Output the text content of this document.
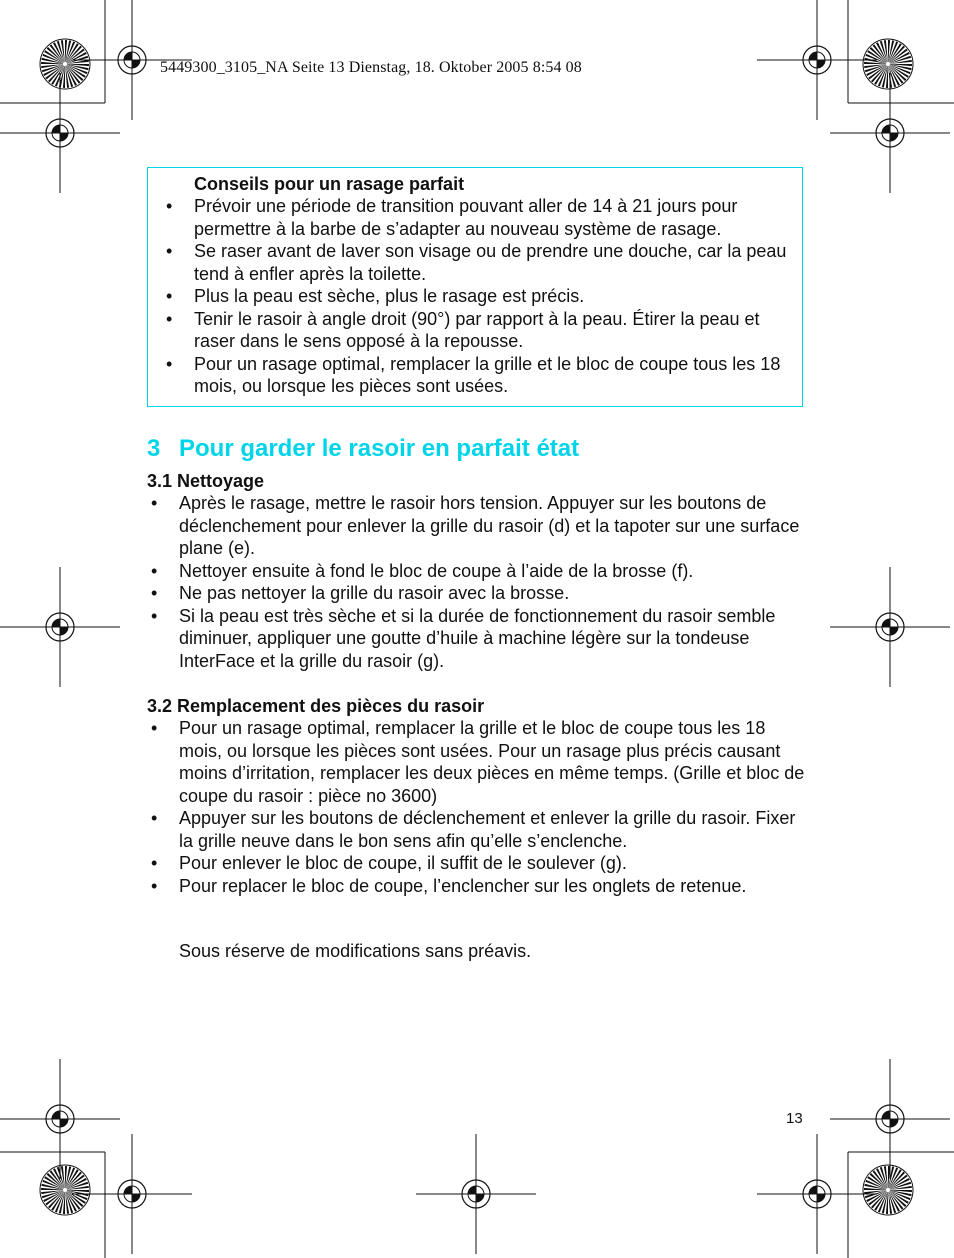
5449300_3105_NA Seite 13 Dienstag, 18. Oktober 2005 8:54 08
Conseils pour un rasage parfait
• Prévoir une période de transition pouvant aller de 14 à 21 jours pour permettre à la barbe de s’adapter au nouveau système de rasage.
• Se raser avant de laver son visage ou de prendre une douche, car la peau tend à enfler après la toilette.
• Plus la peau est sèche, plus le rasage est précis.
• Tenir le rasoir à angle droit (90°) par rapport à la peau. Étirer la peau et raser dans le sens opposé à la repousse.
• Pour un rasage optimal, remplacer la grille et le bloc de coupe tous les 18 mois, ou lorsque les pièces sont usées.
3 Pour garder le rasoir en parfait état
3.1 Nettoyage
• Après le rasage, mettre le rasoir hors tension. Appuyer sur les boutons de déclenchement pour enlever la grille du rasoir (d) et la tapoter sur une surface plane (e).
• Nettoyer ensuite à fond le bloc de coupe à l’aide de la brosse (f).
• Ne pas nettoyer la grille du rasoir avec la brosse.
• Si la peau est très sèche et si la durée de fonctionnement du rasoir semble diminuer, appliquer une goutte d’huile à machine légère sur la tondeuse InterFace et la grille du rasoir (g).
3.2 Remplacement des pièces du rasoir
• Pour un rasage optimal, remplacer la grille et le bloc de coupe tous les 18 mois, ou lorsque les pièces sont usées. Pour un rasage plus précis causant moins d’irritation, remplacer les deux pièces en même temps. (Grille et bloc de coupe du rasoir : pièce no 3600)
• Appuyer sur les boutons de déclenchement et enlever la grille du rasoir. Fixer la grille neuve dans le bon sens afin qu’elle s’enclenche.
• Pour enlever le bloc de coupe, il suffit de le soulever (g).
• Pour replacer le bloc de coupe, l’enclencher sur les onglets de retenue.
Sous réserve de modifications sans préavis.
13
